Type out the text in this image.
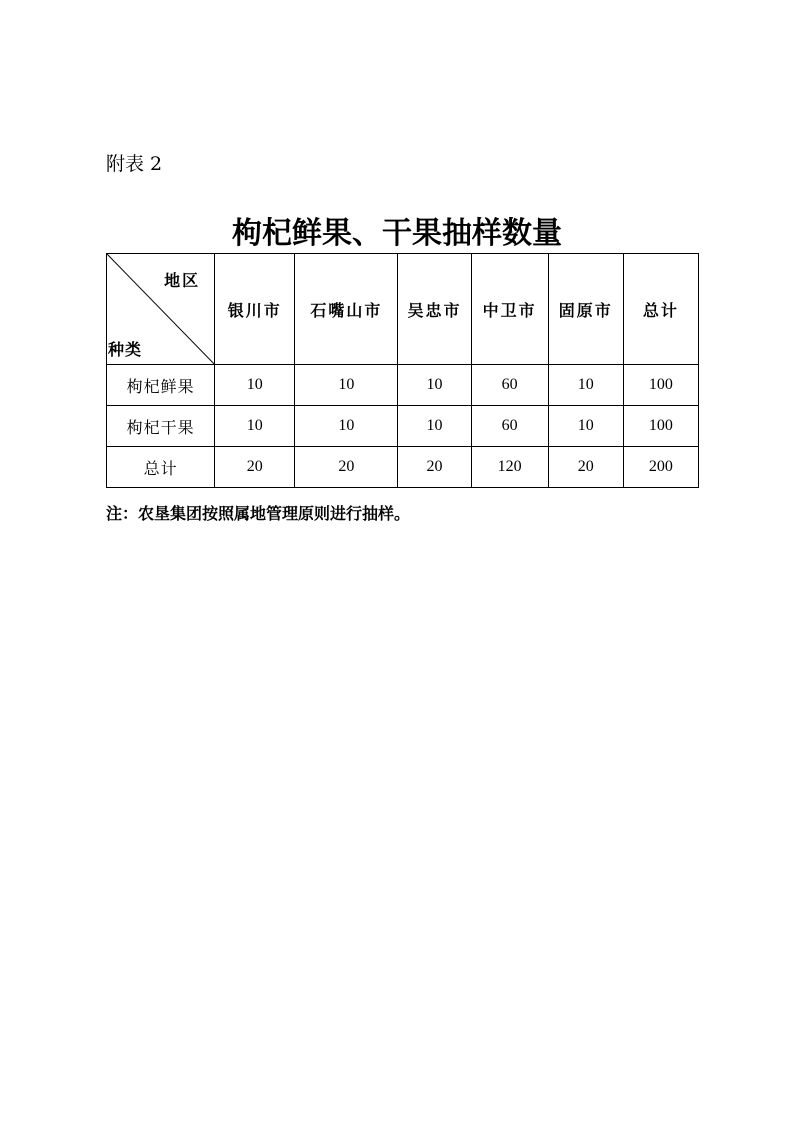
附表 2
枸杞鲜果、干果抽样数量
地区
种类	银川市	石嘴山市	吴忠市	中卫市	固原市	总计
枸杞鲜果	10	10	10	60	10	100
枸杞干果	10	10	10	60	10	100
总计	20	20	20	120	20	200
注：农垦集团按照属地管理原则进行抽样。
